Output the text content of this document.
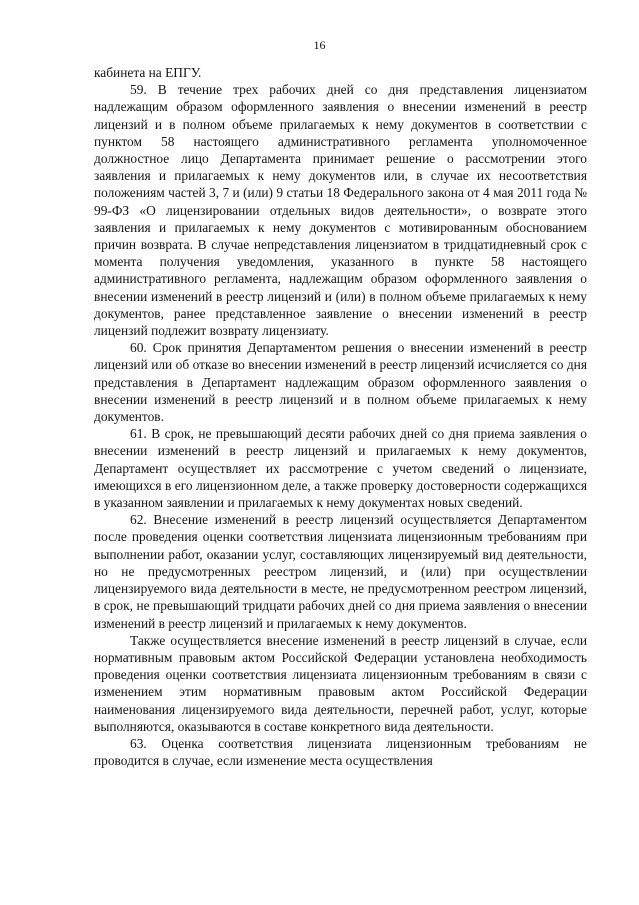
16

кабинета на ЕПГУ.

59. В течение трех рабочих дней со дня представления лицензиатом надлежащим образом оформленного заявления о внесении изменений в реестр лицензий и в полном объеме прилагаемых к нему документов в соответствии с пунктом 58 настоящего административного регламента уполномоченное должностное лицо Департамента принимает решение о рассмотрении этого заявления и прилагаемых к нему документов или, в случае их несоответствия положениям частей 3, 7 и (или) 9 статьи 18 Федерального закона от 4 мая 2011 года № 99-ФЗ «О лицензировании отдельных видов деятельности», о возврате этого заявления и прилагаемых к нему документов с мотивированным обоснованием причин возврата. В случае непредставления лицензиатом в тридцатидневный срок с момента получения уведомления, указанного в пункте 58 настоящего административного регламента, надлежащим образом оформленного заявления о внесении изменений в реестр лицензий и (или) в полном объеме прилагаемых к нему документов, ранее представленное заявление о внесении изменений в реестр лицензий подлежит возврату лицензиату.

60. Срок принятия Департаментом решения о внесении изменений в реестр лицензий или об отказе во внесении изменений в реестр лицензий исчисляется со дня представления в Департамент надлежащим образом оформленного заявления о внесении изменений в реестр лицензий и в полном объеме прилагаемых к нему документов.

61. В срок, не превышающий десяти рабочих дней со дня приема заявления о внесении изменений в реестр лицензий и прилагаемых к нему документов, Департамент осуществляет их рассмотрение с учетом сведений о лицензиате, имеющихся в его лицензионном деле, а также проверку достоверности содержащихся в указанном заявлении и прилагаемых к нему документах новых сведений.

62. Внесение изменений в реестр лицензий осуществляется Департаментом после проведения оценки соответствия лицензиата лицензионным требованиям при выполнении работ, оказании услуг, составляющих лицензируемый вид деятельности, но не предусмотренных реестром лицензий, и (или) при осуществлении лицензируемого вида деятельности в месте, не предусмотренном реестром лицензий, в срок, не превышающий тридцати рабочих дней со дня приема заявления о внесении изменений в реестр лицензий и прилагаемых к нему документов.

Также осуществляется внесение изменений в реестр лицензий в случае, если нормативным правовым актом Российской Федерации установлена необходимость проведения оценки соответствия лицензиата лицензионным требованиям в связи с изменением этим нормативным правовым актом Российской Федерации наименования лицензируемого вида деятельности, перечней работ, услуг, которые выполняются, оказываются в составе конкретного вида деятельности.

63. Оценка соответствия лицензиата лицензионным требованиям не проводится в случае, если изменение места осуществления
